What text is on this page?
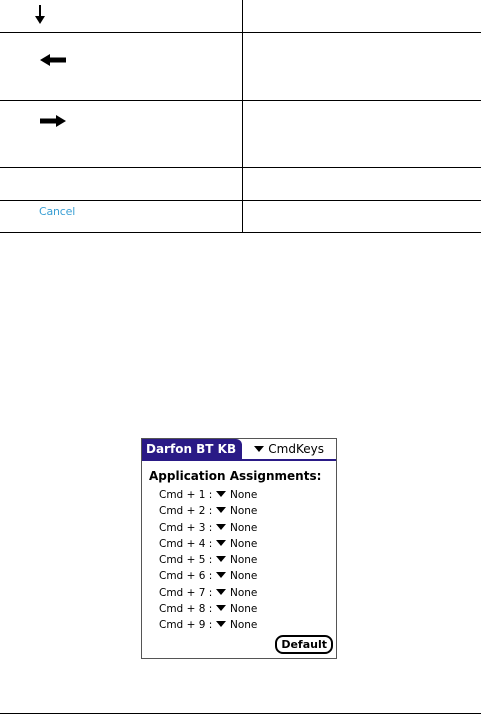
Cancel	

Darfon BT KB	CmdKeys
Application Assignments:
Cmd + 1 : None
Cmd + 2 : None
Cmd + 3 : None
Cmd + 4 : None
Cmd + 5 : None
Cmd + 6 : None
Cmd + 7 : None
Cmd + 8 : None
Cmd + 9 : None
Default
